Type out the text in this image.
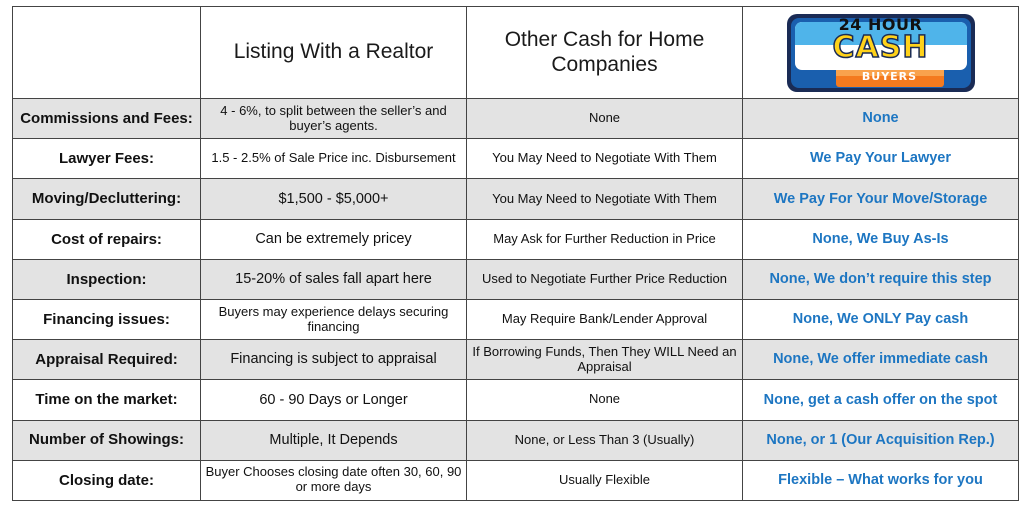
	Listing With a Realtor	Other Cash for Home Companies	24 HOUR
CASH
BUYERS

Commissions and Fees:	4 - 6%, to split between the seller’s and buyer’s agents.	None	None
Lawyer Fees:	1.5 - 2.5% of Sale Price inc. Disbursement	You May Need to Negotiate With Them	We Pay Your Lawyer
Moving/Decluttering:	$1,500 - $5,000+	You May Need to Negotiate With Them	We Pay For Your Move/Storage
Cost of repairs:	Can be extremely pricey	May Ask for Further Reduction in Price	None, We Buy As-Is
Inspection:	15-20% of sales fall apart here	Used to Negotiate Further Price Reduction	None, We don’t require this step
Financing issues:	Buyers may experience delays securing financing	May Require Bank/Lender Approval	None, We ONLY Pay cash
Appraisal Required:	Financing is subject to appraisal	If Borrowing Funds, Then They WILL Need an Appraisal	None, We offer immediate cash
Time on the market:	60 - 90 Days or Longer	None	None, get a cash offer on the spot
Number of Showings:	Multiple, It Depends	None, or Less Than 3 (Usually)	None, or 1 (Our Acquisition Rep.)
Closing date:	Buyer Chooses closing date often 30, 60, 90 or more days	Usually Flexible	Flexible – What works for you
